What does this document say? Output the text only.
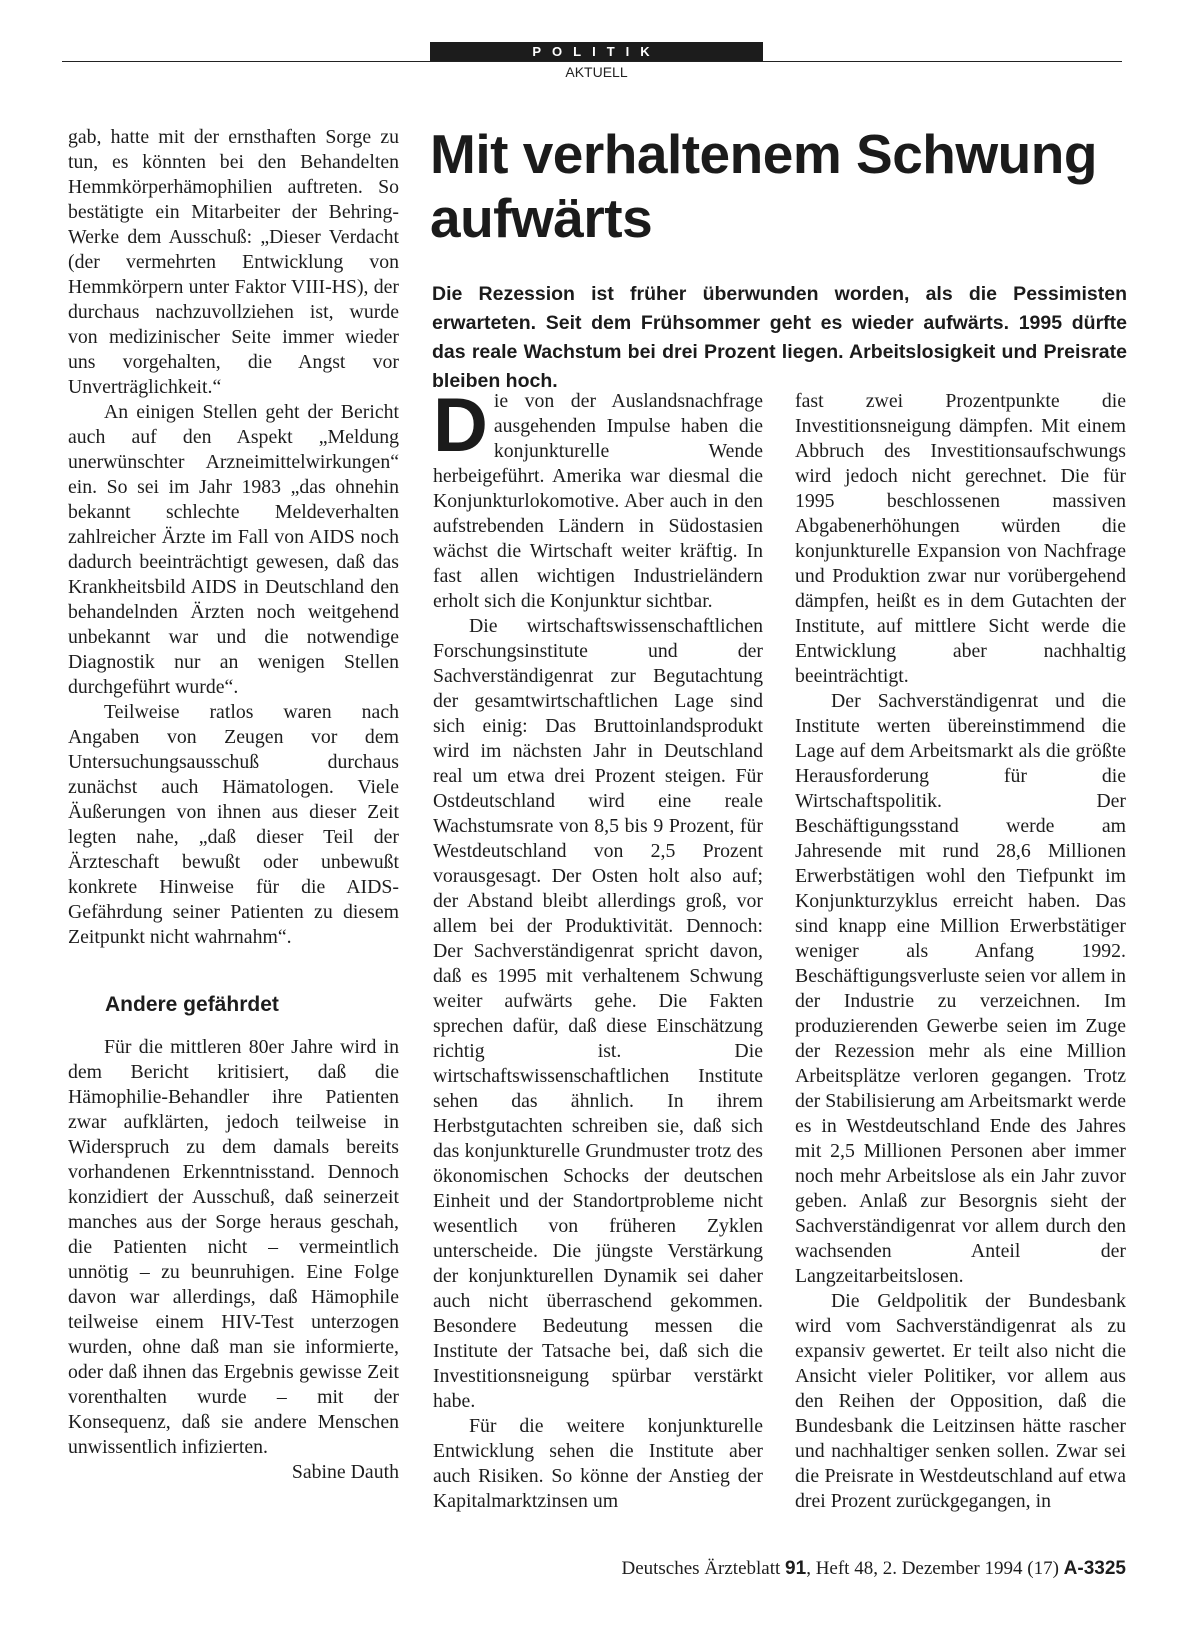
POLITIK
AKTUELL

gab, hatte mit der ernsthaften Sorge zu tun, es könnten bei den Behandelten Hemmkörperhämophilien auftreten. So bestätigte ein Mitarbeiter der Behring-Werke dem Ausschuß: „Dieser Verdacht (der vermehrten Entwicklung von Hemmkörpern unter Faktor VIII-HS), der durchaus nachzuvollziehen ist, wurde von medizinischer Seite immer wieder uns vorgehalten, die Angst vor Unverträglichkeit.“

An einigen Stellen geht der Bericht auch auf den Aspekt „Meldung unerwünschter Arzneimittelwirkungen“ ein. So sei im Jahr 1983 „das ohnehin bekannt schlechte Meldeverhalten zahlreicher Ärzte im Fall von AIDS noch dadurch beeinträchtigt gewesen, daß das Krankheitsbild AIDS in Deutschland den behandelnden Ärzten noch weitgehend unbekannt war und die notwendige Diagnostik nur an wenigen Stellen durchgeführt wurde“.

Teilweise ratlos waren nach Angaben von Zeugen vor dem Untersuchungsausschuß durchaus zunächst auch Hämatologen. Viele Äußerungen von ihnen aus dieser Zeit legten nahe, „daß dieser Teil der Ärzteschaft bewußt oder unbewußt konkrete Hinweise für die AIDS-Gefährdung seiner Patienten zu diesem Zeitpunkt nicht wahrnahm“.

Andere gefährdet

Für die mittleren 80er Jahre wird in dem Bericht kritisiert, daß die Hämophilie-Behandler ihre Patienten zwar aufklärten, jedoch teilweise in Widerspruch zu dem damals bereits vorhandenen Erkenntnisstand. Dennoch konzidiert der Ausschuß, daß seinerzeit manches aus der Sorge heraus geschah, die Patienten nicht – vermeintlich unnötig – zu beunruhigen. Eine Folge davon war allerdings, daß Hämophile teilweise einem HIV-Test unterzogen wurden, ohne daß man sie informierte, oder daß ihnen das Ergebnis gewisse Zeit vorenthalten wurde – mit der Konsequenz, daß sie andere Menschen unwissentlich infizierten.
Sabine Dauth

Mit verhaltenem Schwung aufwärts
Die Rezession ist früher überwunden worden, als die Pessimisten erwarteten. Seit dem Frühsommer geht es wieder aufwärts. 1995 dürfte das reale Wachstum bei drei Prozent liegen. Arbeitslosigkeit und Preisrate bleiben hoch.

Die von der Auslandsnachfrage ausgehenden Impulse haben die konjunkturelle Wende herbeigeführt. Amerika war diesmal die Konjunkturlokomotive. Aber auch in den aufstrebenden Ländern in Südostasien wächst die Wirtschaft weiter kräftig. In fast allen wichtigen Industrieländern erholt sich die Konjunktur sichtbar.

Die wirtschaftswissenschaftlichen Forschungsinstitute und der Sachverständigenrat zur Begutachtung der gesamtwirtschaftlichen Lage sind sich einig: Das Bruttoinlandsprodukt wird im nächsten Jahr in Deutschland real um etwa drei Prozent steigen. Für Ostdeutschland wird eine reale Wachstumsrate von 8,5 bis 9 Prozent, für Westdeutschland von 2,5 Prozent vorausgesagt. Der Osten holt also auf; der Abstand bleibt allerdings groß, vor allem bei der Produktivität. Dennoch: Der Sachverständigenrat spricht davon, daß es 1995 mit verhaltenem Schwung weiter aufwärts gehe. Die Fakten sprechen dafür, daß diese Einschätzung richtig ist. Die wirtschaftswissenschaftlichen Institute sehen das ähnlich. In ihrem Herbstgutachten schreiben sie, daß sich das konjunkturelle Grundmuster trotz des ökonomischen Schocks der deutschen Einheit und der Standortprobleme nicht wesentlich von früheren Zyklen unterscheide. Die jüngste Verstärkung der konjunkturellen Dynamik sei daher auch nicht überraschend gekommen. Besondere Bedeutung messen die Institute der Tatsache bei, daß sich die Investitionsneigung spürbar verstärkt habe.

Für die weitere konjunkturelle Entwicklung sehen die Institute aber auch Risiken. So könne der Anstieg der Kapitalmarktzinsen um

fast zwei Prozentpunkte die Investitionsneigung dämpfen. Mit einem Abbruch des Investitionsaufschwungs wird jedoch nicht gerechnet. Die für 1995 beschlossenen massiven Abgabenerhöhungen würden die konjunkturelle Expansion von Nachfrage und Produktion zwar nur vorübergehend dämpfen, heißt es in dem Gutachten der Institute, auf mittlere Sicht werde die Entwicklung aber nachhaltig beeinträchtigt.

Der Sachverständigenrat und die Institute werten übereinstimmend die Lage auf dem Arbeitsmarkt als die größte Herausforderung für die Wirtschaftspolitik. Der Beschäftigungsstand werde am Jahresende mit rund 28,6 Millionen Erwerbstätigen wohl den Tiefpunkt im Konjunkturzyklus erreicht haben. Das sind knapp eine Million Erwerbstätiger weniger als Anfang 1992. Beschäftigungsverluste seien vor allem in der Industrie zu verzeichnen. Im produzierenden Gewerbe seien im Zuge der Rezession mehr als eine Million Arbeitsplätze verloren gegangen. Trotz der Stabilisierung am Arbeitsmarkt werde es in Westdeutschland Ende des Jahres mit 2,5 Millionen Personen aber immer noch mehr Arbeitslose als ein Jahr zuvor geben. Anlaß zur Besorgnis sieht der Sachverständigenrat vor allem durch den wachsenden Anteil der Langzeitarbeitslosen.

Die Geldpolitik der Bundesbank wird vom Sachverständigenrat als zu expansiv gewertet. Er teilt also nicht die Ansicht vieler Politiker, vor allem aus den Reihen der Opposition, daß die Bundesbank die Leitzinsen hätte rascher und nachhaltiger senken sollen. Zwar sei die Preisrate in Westdeutschland auf etwa drei Prozent zurückgegangen, in

Deutsches Ärzteblatt 91, Heft 48, 2. Dezember 1994 (17) A-3325
